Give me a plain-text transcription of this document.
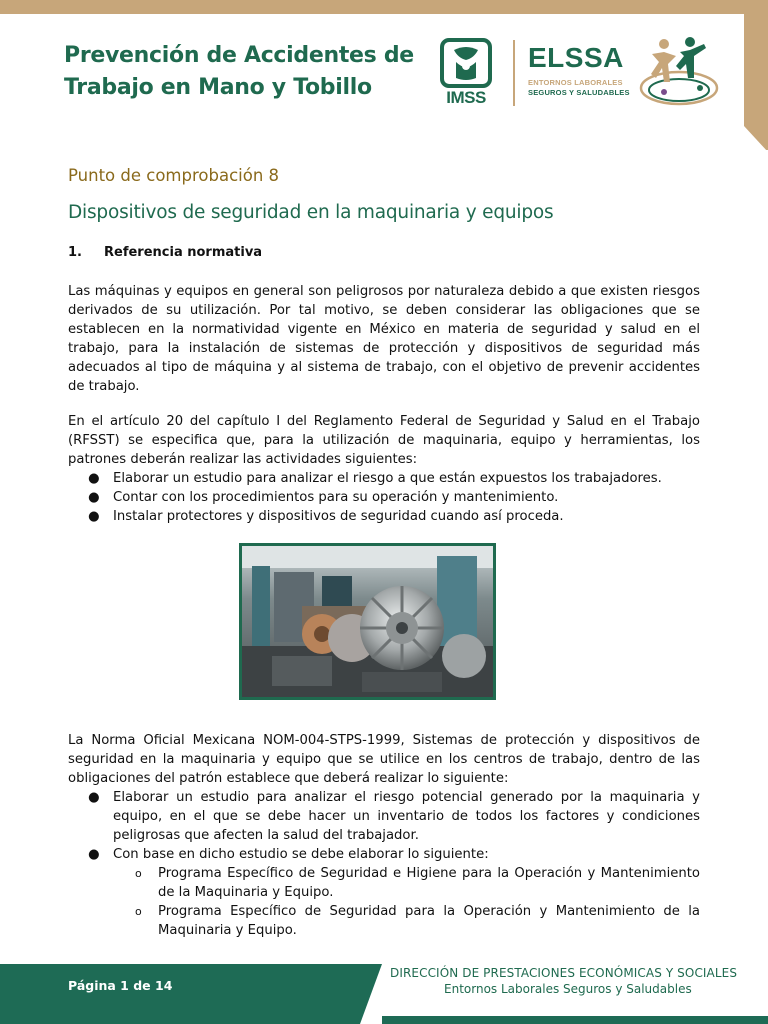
Prevención de Accidentes de Trabajo en Mano y Tobillo	IMSS
ELSSA
ENTORNOS LABORALES
SEGUROS Y SALUDABLES
Punto de comprobación 8
Dispositivos de seguridad en la maquinaria y equipos
1. Referencia normativa
Las máquinas y equipos en general son peligrosos por naturaleza debido a que existen riesgos derivados de su utilización. Por tal motivo, se deben considerar las obligaciones que se establecen en la normatividad vigente en México en materia de seguridad y salud en el trabajo, para la instalación de sistemas de protección y dispositivos de seguridad más adecuados al tipo de máquina y al sistema de trabajo, con el objetivo de prevenir accidentes de trabajo.
En el artículo 20 del capítulo I del Reglamento Federal de Seguridad y Salud en el Trabajo (RFSST) se especifica que, para la utilización de maquinaria, equipo y herramientas, los patrones deberán realizar las actividades siguientes:
● Elaborar un estudio para analizar el riesgo a que están expuestos los trabajadores.
● Contar con los procedimientos para su operación y mantenimiento.
● Instalar protectores y dispositivos de seguridad cuando así proceda.
La Norma Oficial Mexicana NOM-004-STPS-1999, Sistemas de protección y dispositivos de seguridad en la maquinaria y equipo que se utilice en los centros de trabajo, dentro de las obligaciones del patrón establece que deberá realizar lo siguiente:
● Elaborar un estudio para analizar el riesgo potencial generado por la maquinaria y equipo, en el que se debe hacer un inventario de todos los factores y condiciones peligrosas que afecten la salud del trabajador.
● Con base en dicho estudio se debe elaborar lo siguiente:
o Programa Específico de Seguridad e Higiene para la Operación y Mantenimiento de la Maquinaria y Equipo.
o Programa Específico de Seguridad para la Operación y Mantenimiento de la Maquinaria y Equipo.
Página 1 de 14
DIRECCIÓN DE PRESTACIONES ECONÓMICAS Y SOCIALES
Entornos Laborales Seguros y Saludables
